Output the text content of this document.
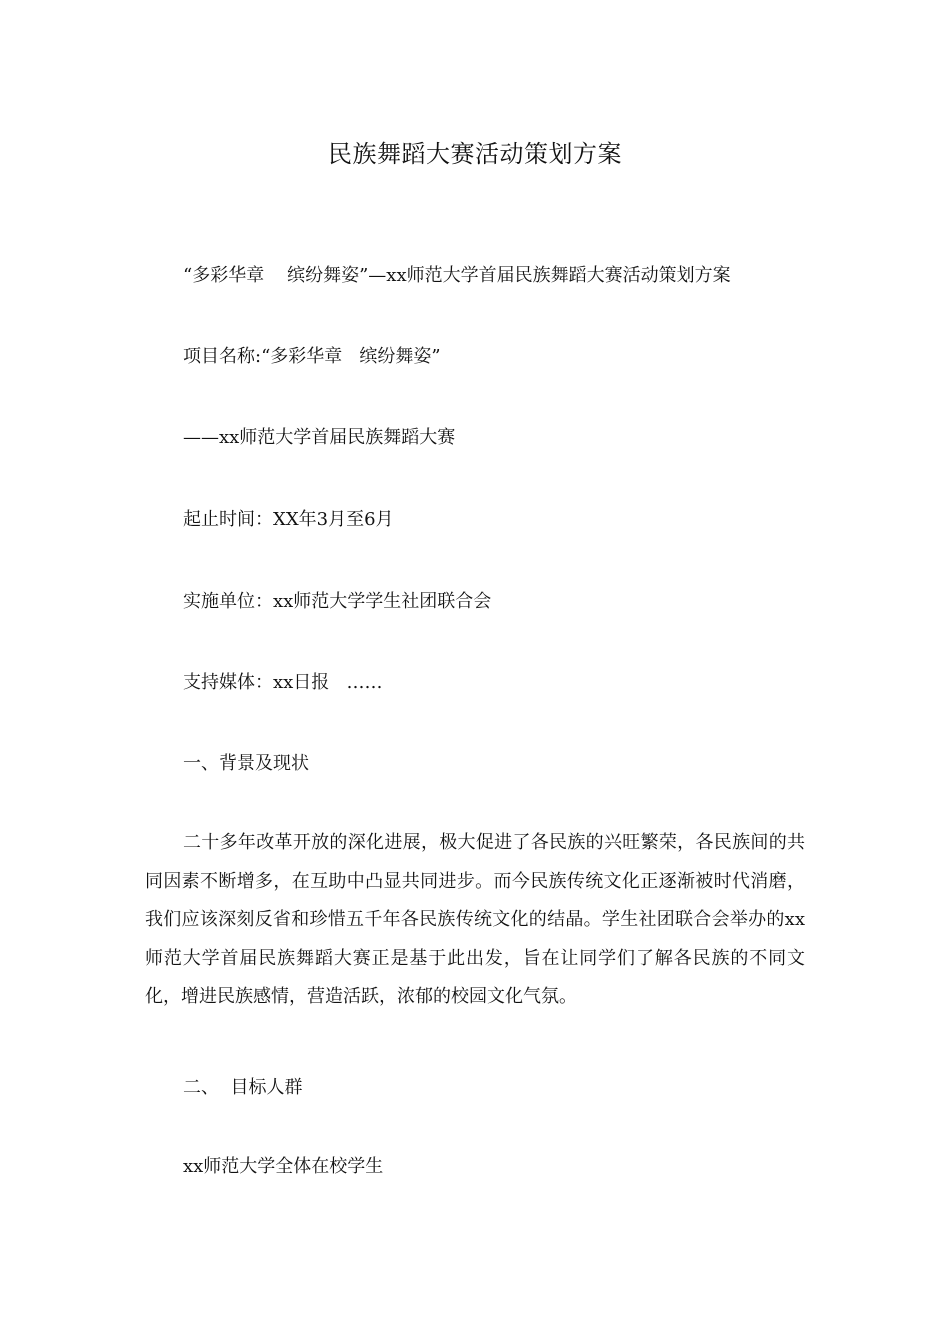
民族舞蹈大赛活动策划方案
“多彩华章    缤纷舞姿”—xx师范大学首届民族舞蹈大赛活动策划方案
项目名称:“多彩华章   缤纷舞姿”
——xx师范大学首届民族舞蹈大赛
起止时间：XX年3月至6月
实施单位：xx师范大学学生社团联合会
支持媒体：xx日报   ……
一、背景及现状
二十多年改革开放的深化进展，极大促进了各民族的兴旺繁荣，各民族间的共同因素不断增多，在互助中凸显共同进步。而今民族传统文化正逐渐被时代消磨，我们应该深刻反省和珍惜五千年各民族传统文化的结晶。学生社团联合会举办的xx师范大学首届民族舞蹈大赛正是基于此出发，旨在让同学们了解各民族的不同文化，增进民族感情，营造活跃，浓郁的校园文化气氛。
二、  目标人群
xx师范大学全体在校学生
